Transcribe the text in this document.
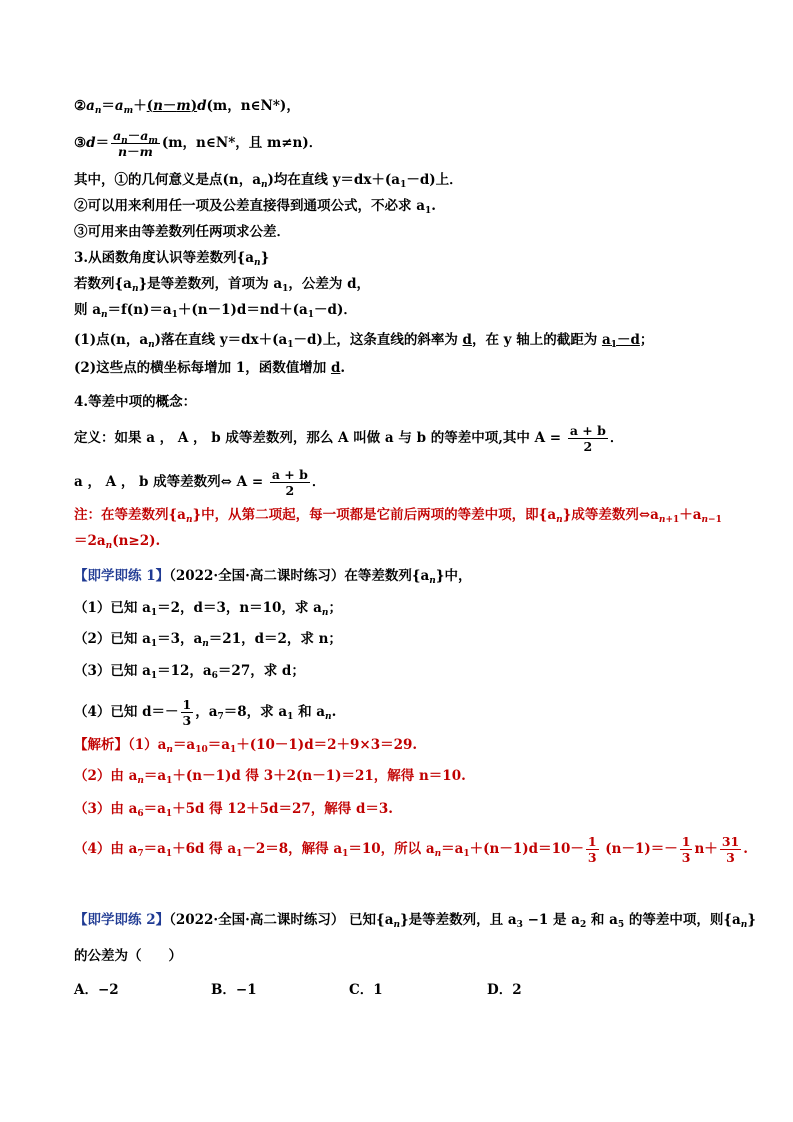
$②a_n=a_m+(n-m)d(m$，n∈N*)，
③d＝ $\frac{a_n-a_m}{n-m} (m$，n∈N*，且 m≠n)．
其中，①的几何意义是点(n，$a_n$)均在直线 $y=dx+(a_1-d)$上．
②可以用来利用任一项及公差直接得到通项公式，不必求 $a_1$.
③可用来由等差数列任两项求公差．
3.从函数角度认识等差数列$\{a_n\}$
若数列$\{a_n\}$是等差数列，首项为 $a_1$，公差为 d，
则 $a_n=f(n)=a_1+(n-1)d=nd+(a_1-d)$．
(1)点(n，$a_n$)落在直线 $y=dx+(a_1-d)$上，这条直线的斜率为 d，在 y 轴上的截距为 $a_1-d$；
(2)这些点的横坐标每增加 1，函数值增加 d.
4.等差中项的概念：
定义：如果 a ， A ， b 成等差数列，那么 A 叫做 a 与 b 的等差中项,其中 $A = \frac{a + b}{2}$ ．
a ， A ， b 成等差数列⇔ $A = \frac{a + b}{2}$ ．
注：在等差数列$\{a_n\}$中，从第二项起，每一项都是它前后两项的等差中项，即$\{a_n\}$成等差数列$\Leftrightarrow a_{n+1}+a_{n-1}$
$=2a_n(n\ge 2)$.
【即学即练 1】（2022·全国·高二课时练习）在等差数列$\{a_n\}$中，
（1）已知 $a_1=2$，d＝3，n＝10，求 $a_n$；
（2）已知 $a_1=3$，$a_n=21$，d＝2，求 n；
（3）已知 $a_1=12$，$a_6=27$，求 d；
（4）已知 $d=- \frac{1}{3}$ ，$a_7=8$，求 $a_1$ 和 $a_n$.
【解析】$(1)a_n=a_{10}=a_1+(10-1)d=2+9\times 3=29$.
（2）由 $a_n=a_1+(n-1)d$ 得 3＋2(n－1)＝21，解得 n＝10.
（3）由 $a_6=a_1+5d$ 得 12＋5d＝27，解得 d＝3.
（4）由 $a_7=a_1+6d$ 得 $a_1-2=8$，解得 $a_1=10$，所以 $a_n=a_1+(n-1)d=10- \frac{1}{3} (n-1)=- \frac{1}{3} n+ \frac{31}{3}$ .
【即学即练 2】（2022·全国·高二课时练习） 已知$\{a_n\}$是等差数列，且 $a_3 -1$ 是 $a_2$ 和 $a_5$ 的等差中项，则$\{a_n\}$
的公差为（　　）
A．−2	B．−1	C．1	D．2
